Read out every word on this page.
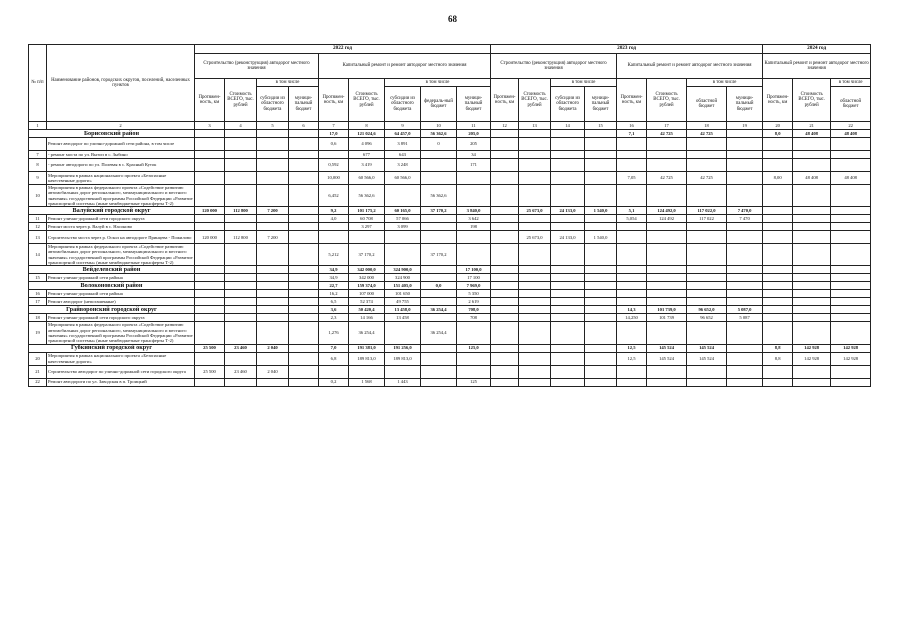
68
№ п/п	Наименование районов, городских округов, поселений, населенных пунктов	2022 год									2023 год								2024 год		
		Строительство (реконструкция) автодорог местного значения				Капитальный ремонт и ремонт автодорог местного значения					Строительство (реконструкция) автодорог местного значения				Капитальный ремонт и ремонт автодорог местного значения				Капитальный ремонт и ремонт автодорог местного значения		
		Протяжен-ность, км	Стоимость ВСЕГО, тыс. рублей	в том числе		Протяжен-ность, км	Стоимость ВСЕГО, тыс. рублей	в том числе			Протяжен-ность, км	Стоимость ВСЕГО, тыс. рублей	в том числе		Протяжен-ность, км	Стоимость ВСЕГО, тыс. рублей	в том числе		Протяжен-ность, км	Стоимость ВСЕГО, тыс. рублей	в том числе
				субсидии из областного бюджета	муници-пальный бюджет			субсидии из областного бюджета	федераль-ный бюджет	муници-пальный бюджет			субсидии из областного бюджета	муници-пальный бюджет			областной бюджет	муници-пальный бюджет			областной бюджет
1	2	3	4	5	6	7	8	9	10	11	12	13	14	15	16	17	18	19	20	21	22
Борисовский район						17,0	121 024,6	64 457,0	56 362,6	205,0					7,1	42 725	42 725		8,0	48 408	48 408
	Ремонт автодорог по улично-дорожной сети района, в том числе					0,6	4 096	3 891	0	205											
7	- ремонт моста по ул. Вытоп в с. Зыбино						677	643		34											
8	- ремонт автодороги по ул. Полевая в с. Красный Куток					0,592	3 419	3 248		171											
9	Мероприятия в рамках национального проекта «Безопасные качественные дороги»					10,000	60 566,0	60 566,0							7,05	42 725	42 725		8,00	48 408	48 408
10	Мероприятия в рамках федерального проекта «Содействие развитию автомобильных дорог регионального, межмуниципального и местного значения» государственной программы Российской Федерации «Развитие транспортной системы» (иные межбюджетные трансферты Т-2)					6,452	56 362,6		56 362,6												
Валуйский городской округ		120 000	112 800	7 200		9,2	101 175,2	60 165,0	37 170,2	3 840,0		25 673,0	24 133,0	1 540,0	5,1	124 492,0	117 022,0	7 470,0			
11	Ремонт улично-дорожной сети городского округа					4,0	60 708	57 066		3 642					5,054	124 492	117 022	7 470			
12	Ремонт моста через р. Валуй в с. Насоново						3 297	3 099		198											
13	Строительство моста через р. Оскол на автодороге Принцева - Пожилово	120 000	112 800	7 200								25 673,0	24 133,0	1 540,0							
14	Мероприятия в рамках федерального проекта «Содействие развитию автомобильных дорог регионального, межмуниципального и местного значения» государственной программы Российской Федерации «Развитие транспортной системы» (иные межбюджетные трансферты Т-2)					5,212	37 170,2		37 170,2												
Вейделевский район						34,9	342 000,0	324 900,0		17 100,0											
15	Ремонт улично-дорожной сети района					34,9	342 000	324 900		17 100											
Волоконовский район						22,7	159 374,0	151 405,0	0,0	7 969,0											
16	Ремонт улично-дорожной сети района					16,2	107 000	101 650		5 350											
17	Ремонт автодорог (непогашенные)					6,5	52 374	49 755		2 619											
Грайворонский городской округ						3,6	50 420,4	13 458,0	36 254,4	708,0					14,3	101 739,0	96 652,0	5 087,0			
18	Ремонт улично-дорожной сети городского округа					2,3	14 166	13 458		708					14,250	101 739	96 652	5 087			
19	Мероприятия в рамках федерального проекта «Содействие развитию автомобильных дорог регионального, межмуниципального и местного значения» государственной программы Российской Федерации «Развитие транспортной системы» (иные межбюджетные трансферты Т-2)					1,276	36 254,4		36 254,4												
Губкинский городской округ		25 500	23 460	2 040		7,0	191 381,0	191 256,0		125,0					12,5	145 524	145 524		8,8	142 928	142 928
20	Мероприятия в рамках национального проекта «Безопасные качественные дороги»					6,8	189 813,0	189 813,0							12,5	145 524	145 524		8,8	142 928	142 928
21	Строительство автодорог по улично-дорожной сети городского округа	25 500	23 460	2 040																	
22	Ремонт автодороги по ул. Заводская в п. Троицкий					0,2	1 568	1 443		125											
